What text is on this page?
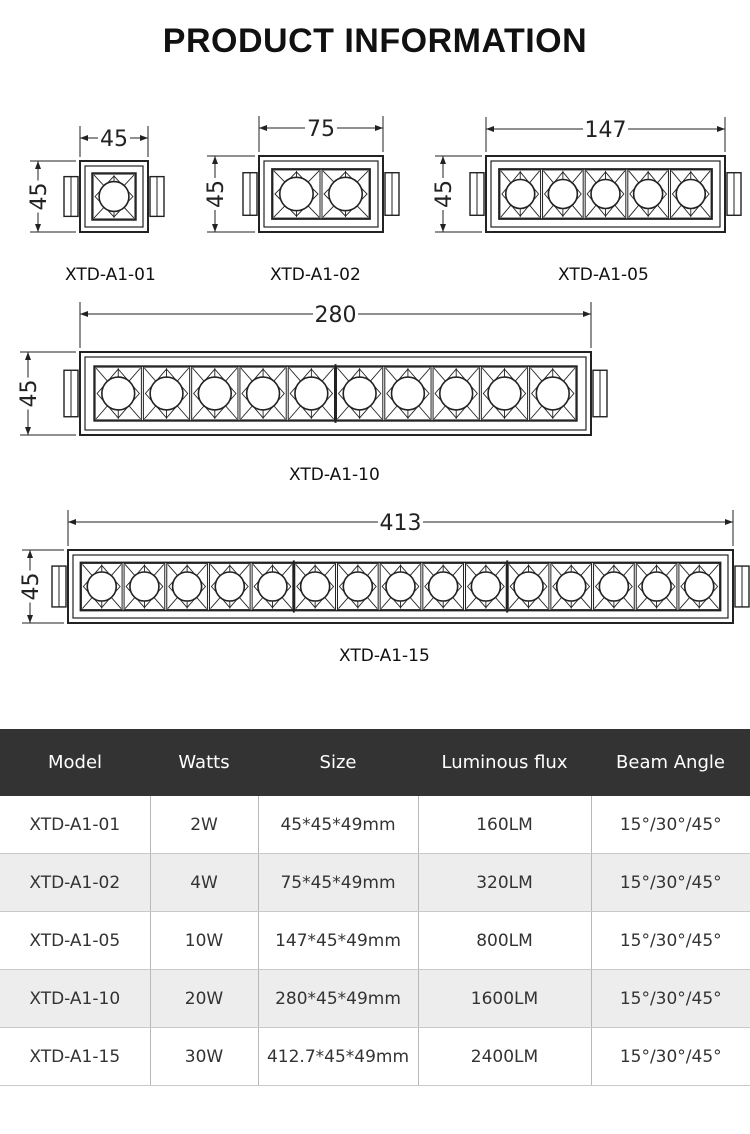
PRODUCT INFORMATION
45
45
75
45
147
45
280
45
413
45
XTD-A1-01	XTD-A1-02	XTD-A1-05
XTD-A1-10
XTD-A1-15
Model	Watts	Size	Luminous flux	Beam Angle
XTD-A1-01	2W	45*45*49mm	160LM	15°/30°/45°
XTD-A1-02	4W	75*45*49mm	320LM	15°/30°/45°
XTD-A1-05	10W	147*45*49mm	800LM	15°/30°/45°
XTD-A1-10	20W	280*45*49mm	1600LM	15°/30°/45°
XTD-A1-15	30W	412.7*45*49mm	2400LM	15°/30°/45°
